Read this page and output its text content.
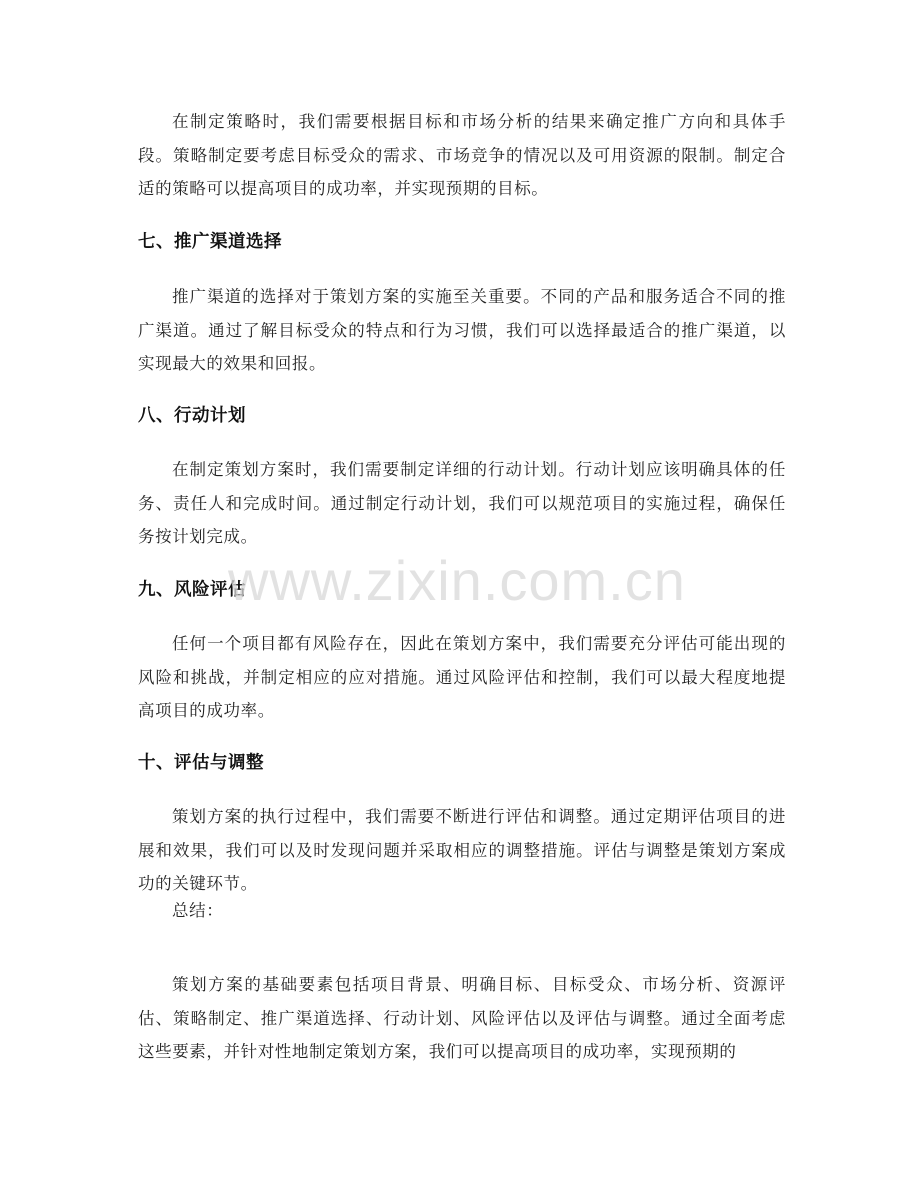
在制定策略时，我们需要根据目标和市场分析的结果来确定推广方向和具体手段。策略制定要考虑目标受众的需求、市场竞争的情况以及可用资源的限制。制定合适的策略可以提高项目的成功率，并实现预期的目标。

七、推广渠道选择

推广渠道的选择对于策划方案的实施至关重要。不同的产品和服务适合不同的推广渠道。通过了解目标受众的特点和行为习惯，我们可以选择最适合的推广渠道，以实现最大的效果和回报。

八、行动计划

在制定策划方案时，我们需要制定详细的行动计划。行动计划应该明确具体的任务、责任人和完成时间。通过制定行动计划，我们可以规范项目的实施过程，确保任务按计划完成。

九、风险评估

任何一个项目都有风险存在，因此在策划方案中，我们需要充分评估可能出现的风险和挑战，并制定相应的应对措施。通过风险评估和控制，我们可以最大程度地提高项目的成功率。

十、评估与调整

策划方案的执行过程中，我们需要不断进行评估和调整。通过定期评估项目的进展和效果，我们可以及时发现问题并采取相应的调整措施。评估与调整是策划方案成功的关键环节。

总结：

策划方案的基础要素包括项目背景、明确目标、目标受众、市场分析、资源评估、策略制定、推广渠道选择、行动计划、风险评估以及评估与调整。通过全面考虑这些要素，并针对性地制定策划方案，我们可以提高项目的成功率，实现预期的

www.zixin.com.cn
